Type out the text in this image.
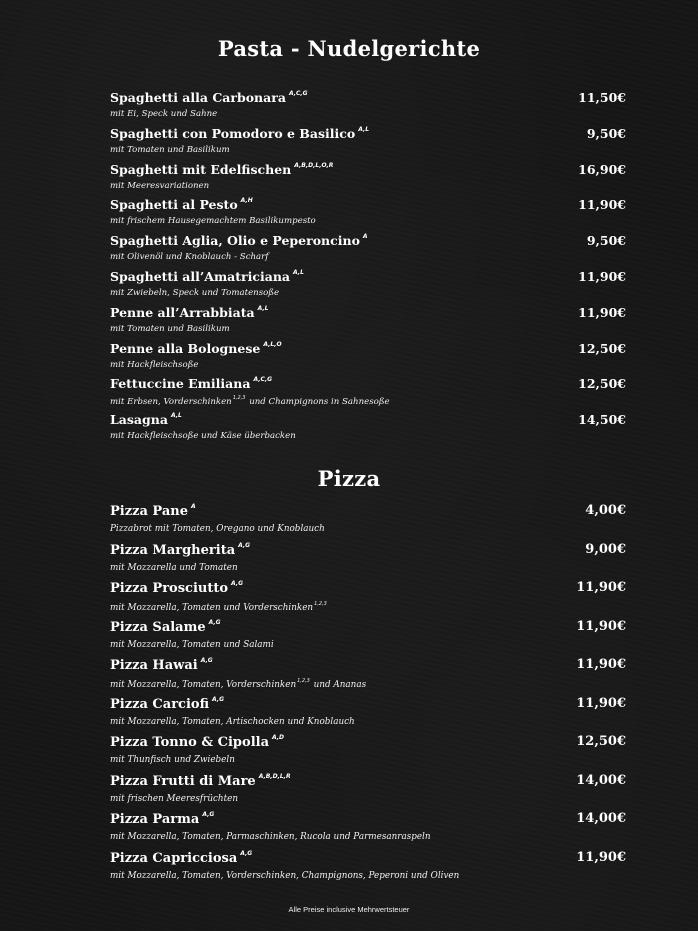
Pasta - Nudelgerichte
Spaghetti alla Carbonara $^{A,C,G}$	11,50€
mit Ei, Speck und Sahne
Spaghetti con Pomodoro e Basilico $^{A,L}$	9,50€
mit Tomaten und Basilikum
Spaghetti mit Edelfischen $^{A,B,D,L,O,R}$	16,90€
mit Meeresvariationen
Spaghetti al Pesto $^{A,H}$	11,90€
mit frischem Hausegemachtem Basilikumpesto
Spaghetti Aglia, Olio e Peperoncino $^A$	9,50€
mit Olivenöl und Knoblauch - Scharf
Spaghetti all’Amatriciana $^{A,L}$	11,90€
mit Zwiebeln, Speck und Tomatensoße
Penne all’Arrabbiata $^{A,L}$	11,90€
mit Tomaten und Basilikum
Penne alla Bolognese $^{A,L,O}$	12,50€
mit Hackfleischsoße
Fettuccine Emiliana $^{A,C,G}$	12,50€
mit Erbsen, Vorderschinken$^{1,2,3}$ und Champignons in Sahnesoße
Lasagna $^{A,L}$	14,50€
mit Hackfleischsoße und Käse überbacken
Pizza
Pizza Pane $^A$	4,00€
Pizzabrot mit Tomaten, Oregano und Knoblauch
Pizza Margherita $^{A,G}$	9,00€
mit Mozzarella und Tomaten
Pizza Prosciutto $^{A,G}$	11,90€
mit Mozzarella, Tomaten und Vorderschinken$^{1,2,3}$
Pizza Salame $^{A,G}$	11,90€
mit Mozzarella, Tomaten und Salami
Pizza Hawai $^{A,G}$	11,90€
mit Mozzarella, Tomaten, Vorderschinken$^{1,2,3}$ und Ananas
Pizza Carciofi $^{A,G}$	11,90€
mit Mozzarella, Tomaten, Artischocken und Knoblauch
Pizza Tonno & Cipolla $^{A,D}$	12,50€
mit Thunfisch und Zwiebeln
Pizza Frutti di Mare $^{A,B,D,L,R}$	14,00€
mit frischen Meeresfrüchten
Pizza Parma $^{A,G}$	14,00€
mit Mozzarella, Tomaten, Parmaschinken, Rucola und Parmesanraspeln
Pizza Capricciosa $^{A,G}$	11,90€
mit Mozzarella, Tomaten, Vorderschinken, Champignons, Peperoni und Oliven
Alle Preise inclusive Mehrwertsteuer
